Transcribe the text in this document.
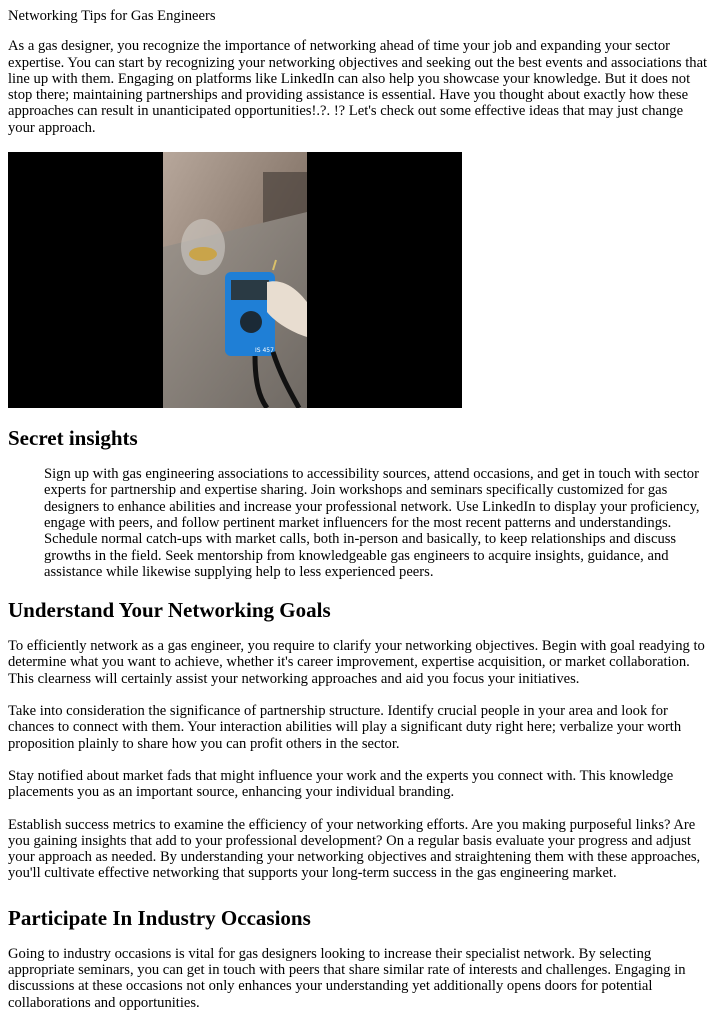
Networking Tips for Gas Engineers

As a gas designer, you recognize the importance of networking ahead of time your job and expanding your sector expertise. You can start by recognizing your networking objectives and seeking out the best events and associations that line up with them. Engaging on platforms like LinkedIn can also help you showcase your knowledge. But it does not stop there; maintaining partnerships and providing assistance is essential. Have you thought about exactly how these approaches can result in unanticipated opportunities!.?. !? Let's check out some effective ideas that may just change your approach.

IS 457
Secret insights
Sign up with gas engineering associations to accessibility sources, attend occasions, and get in touch with sector experts for partnership and expertise sharing. Join workshops and seminars specifically customized for gas designers to enhance abilities and increase your professional network. Use LinkedIn to display your proficiency, engage with peers, and follow pertinent market influencers for the most recent patterns and understandings. Schedule normal catch-ups with market calls, both in-person and basically, to keep relationships and discuss growths in the field. Seek mentorship from knowledgeable gas engineers to acquire insights, guidance, and assistance while likewise supplying help to less experienced peers.
Understand Your Networking Goals

To efficiently network as a gas engineer, you require to clarify your networking objectives. Begin with goal readying to determine what you want to achieve, whether it's career improvement, expertise acquisition, or market collaboration. This clearness will certainly assist your networking approaches and aid you focus your initiatives.

Take into consideration the significance of partnership structure. Identify crucial people in your area and look for chances to connect with them. Your interaction abilities will play a significant duty right here; verbalize your worth proposition plainly to share how you can profit others in the sector.

Stay notified about market fads that might influence your work and the experts you connect with. This knowledge placements you as an important source, enhancing your individual branding.

Establish success metrics to examine the efficiency of your networking efforts. Are you making purposeful links? Are you gaining insights that add to your professional development? On a regular basis evaluate your progress and adjust your approach as needed. By understanding your networking objectives and straightening them with these approaches, you'll cultivate effective networking that supports your long-term success in the gas engineering market.

Participate In Industry Occasions

Going to industry occasions is vital for gas designers looking to increase their specialist network. By selecting appropriate seminars, you can get in touch with peers that share similar rate of interests and challenges. Engaging in discussions at these occasions not only enhances your understanding yet additionally opens doors for potential collaborations and opportunities.
